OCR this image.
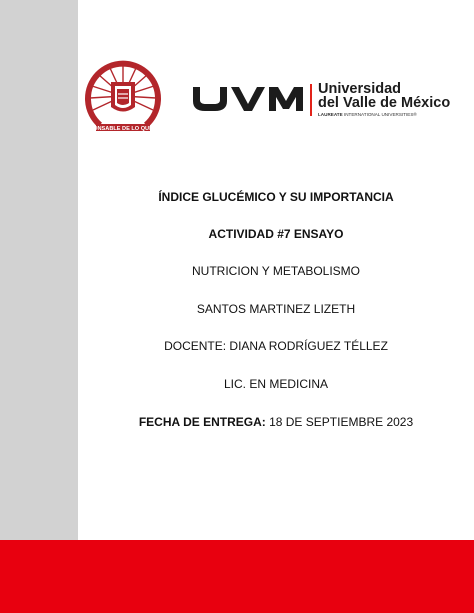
ONSABLE DE LO QUE
Universidad
del Valle de México
LAUREATE INTERNATIONAL UNIVERSITIES®
ÍNDICE GLUCÉMICO Y SU IMPORTANCIA
ACTIVIDAD #7 ENSAYO
NUTRICION Y METABOLISMO
SANTOS MARTINEZ LIZETH
DOCENTE: DIANA RODRÍGUEZ TÉLLEZ
LIC. EN MEDICINA
FECHA DE ENTREGA: 18 DE SEPTIEMBRE 2023
